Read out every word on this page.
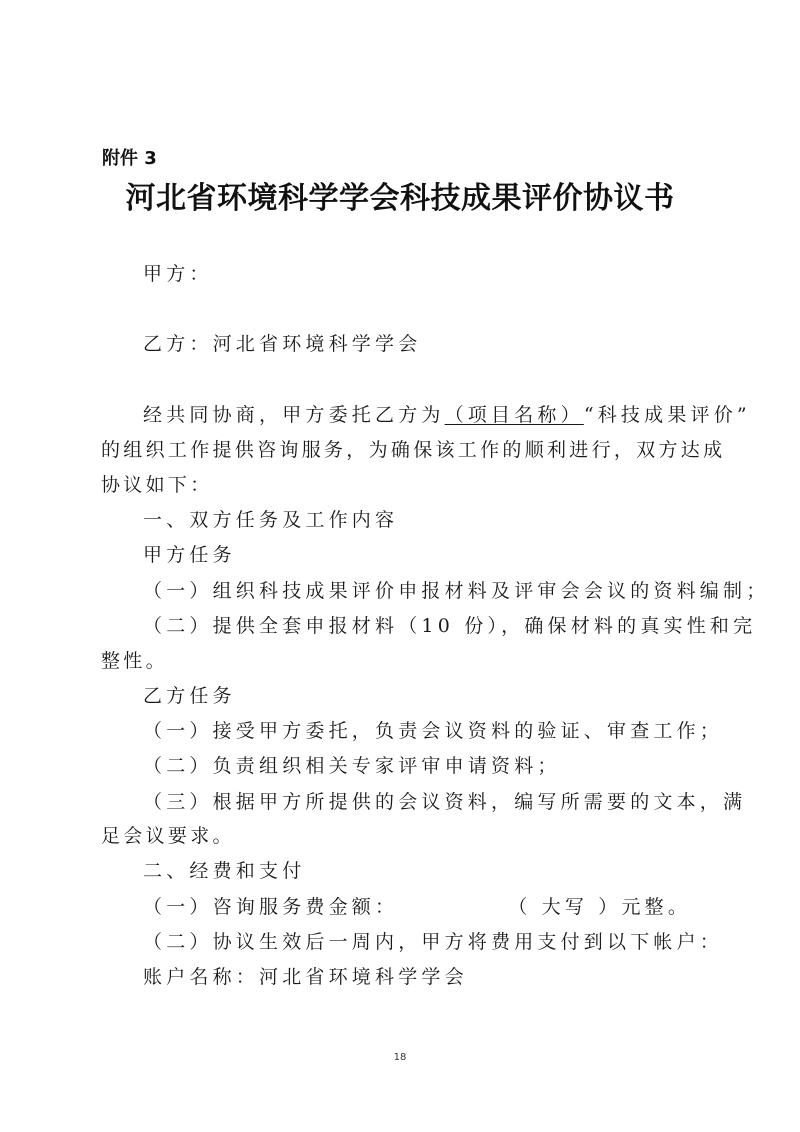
附件 3
河北省环境科学学会科技成果评价协议书
甲方：
乙方：河北省环境科学学会
经共同协商，甲方委托乙方为（项目名称）“科技成果评价”
的组织工作提供咨询服务，为确保该工作的顺利进行，双方达成
协议如下：
一、双方任务及工作内容
甲方任务
（一）组织科技成果评价申报材料及评审会会议的资料编制；
（二）提供全套申报材料（10 份），确保材料的真实性和完
整性。
乙方任务
（一）接受甲方委托，负责会议资料的验证、审查工作；
（二）负责组织相关专家评审申请资料；
（三）根据甲方所提供的会议资料，编写所需要的文本，满
足会议要求。
二、经费和支付
（一）咨询服务费金额：	（ 大写 ）元整。
（二）协议生效后一周内，甲方将费用支付到以下帐户：
账户名称：河北省环境科学学会
18
